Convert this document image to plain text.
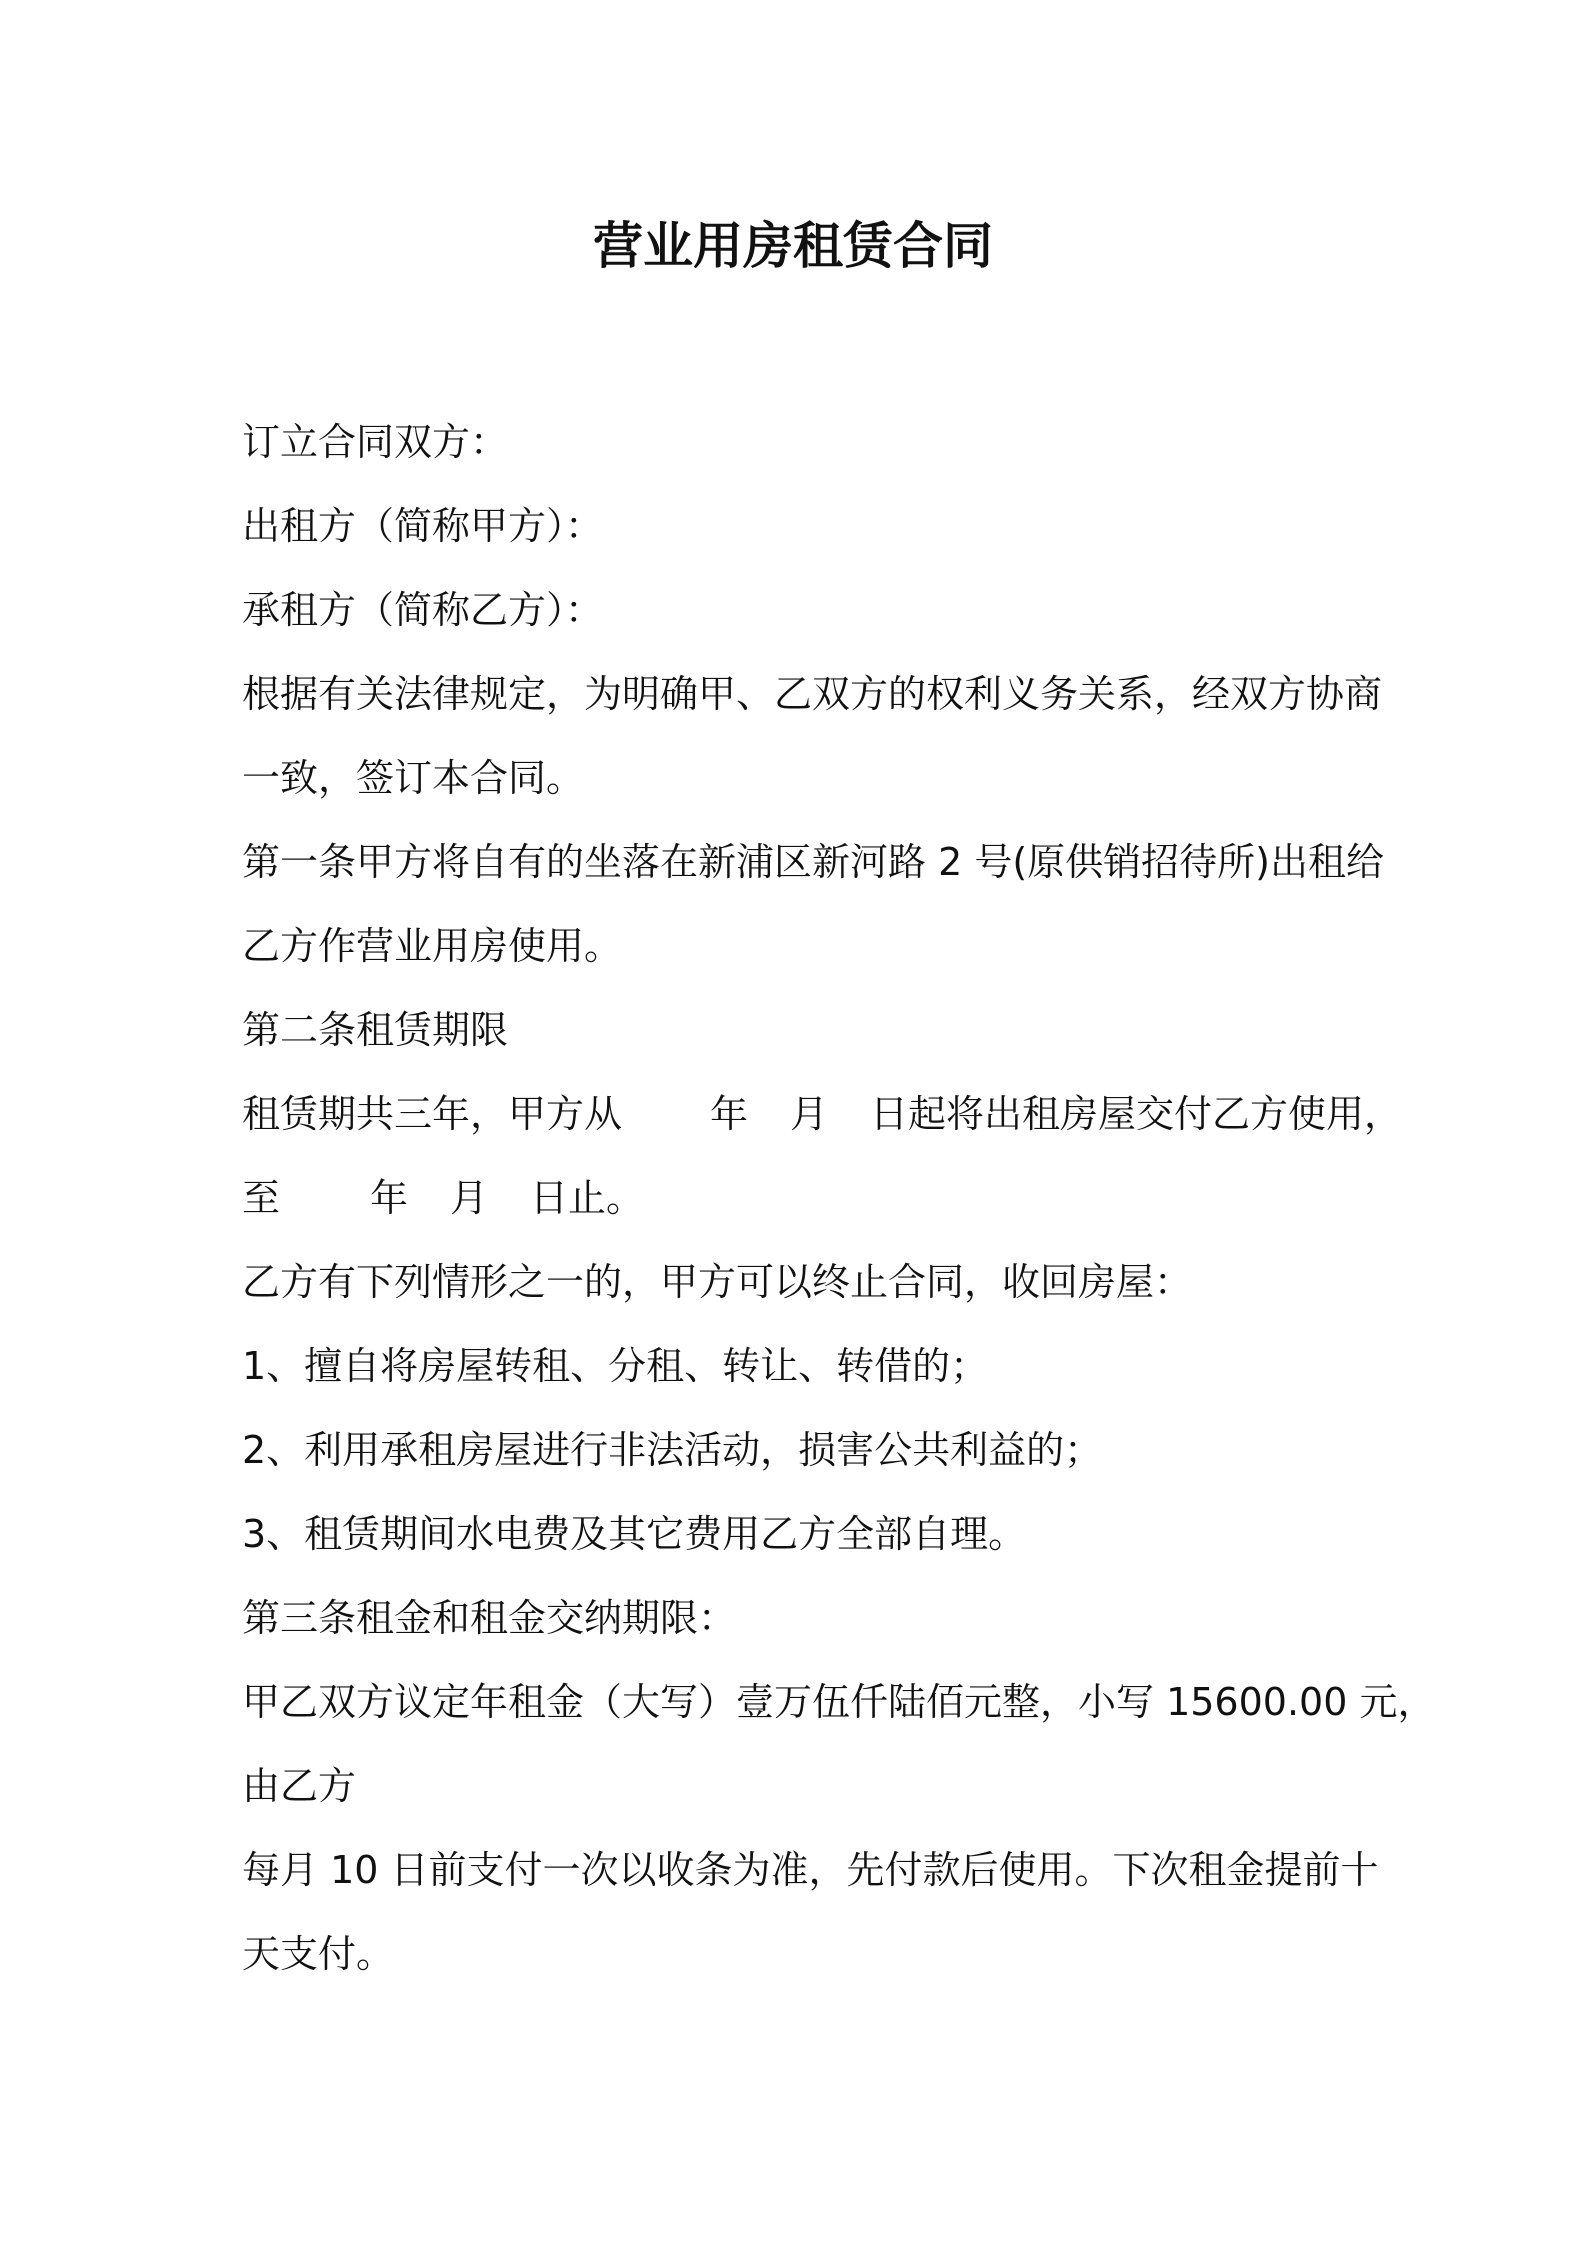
营业用房租赁合同
订立合同双方：
出租方（简称甲方）：
承租方（简称乙方）：
根据有关法律规定，为明确甲、乙双方的权利义务关系，经双方协商
一致，签订本合同。
第一条甲方将自有的坐落在新浦区新河路 2 号(原供销招待所)出租给
乙方作营业用房使用。
第二条租赁期限
租赁期共三年，甲方从 年 月 日起将出租房屋交付乙方使用，
至 年 月 日止。
乙方有下列情形之一的，甲方可以终止合同，收回房屋：
1、擅自将房屋转租、分租、转让、转借的；
2、利用承租房屋进行非法活动，损害公共利益的；
3、租赁期间水电费及其它费用乙方全部自理。
第三条租金和租金交纳期限：
甲乙双方议定年租金（大写）壹万伍仟陆佰元整，小写 15600.00 元，
由乙方
每月 10 日前支付一次以收条为准，先付款后使用。下次租金提前十
天支付。
